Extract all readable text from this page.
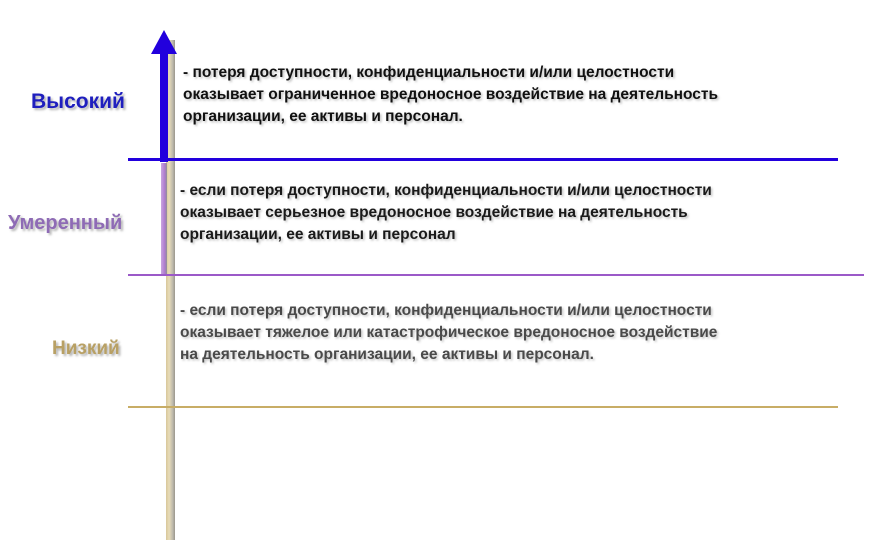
Высокий
Умеренный
Низкий
- потеря доступности, конфиденциальности и/или целостности
оказывает ограниченное вредоносное воздействие на деятельность
организации, ее активы и персонал.
- если потеря доступности, конфиденциальности и/или целостности
оказывает серьезное вредоносное воздействие на деятельность
организации, ее активы и персонал
- если потеря доступности, конфиденциальности и/или целостности
оказывает тяжелое или катастрофическое вредоносное воздействие
на деятельность организации, ее активы и персонал.
